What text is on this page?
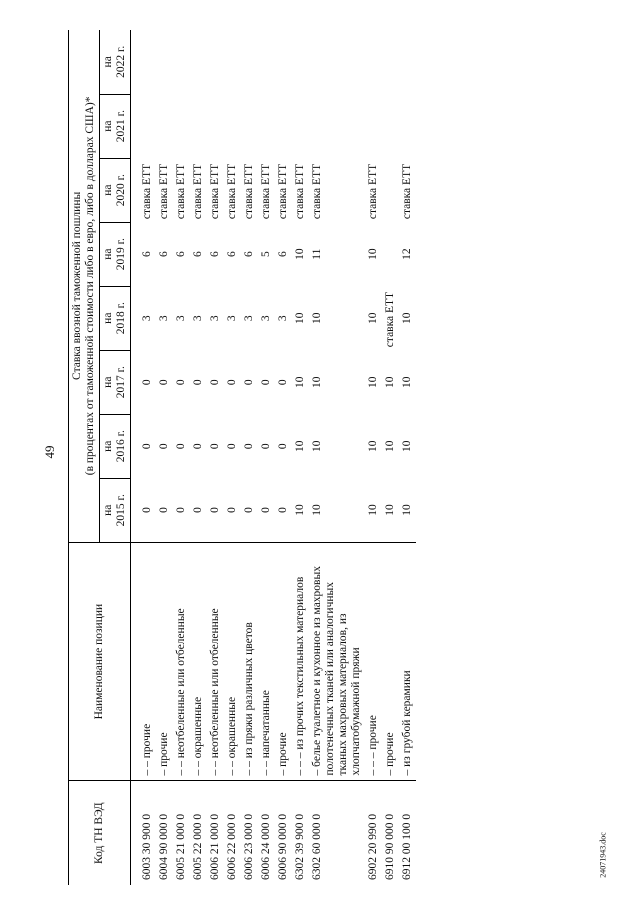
49
24071943.doc
Код ТН ВЭД	Наименование позиции	Ставка ввозной таможенной пошлины							
		(в процентах от таможенной стоимости либо в евро, либо в долларах США)*							

		на 2015 г.	на 2016 г.	на 2017 г.	на 2018 г.	на 2019 г.	на 2020 г.	на 2021 г.	на 2022 г.

6003 30 900 0	– – прочие	0	0	0	3	6	ставка ЕТТ		
6004 90 000 0	– прочие	0	0	0	3	6	ставка ЕТТ		
6005 21 000 0	– – неотбеленные или отбеленные	0	0	0	3	6	ставка ЕТТ		
6005 22 000 0	– – окрашенные	0	0	0	3	6	ставка ЕТТ		
6006 21 000 0	– – неотбеленные или отбеленные	0	0	0	3	6	ставка ЕТТ		
6006 22 000 0	– – окрашенные	0	0	0	3	6	ставка ЕТТ		
6006 23 000 0	– – из пряжи различных цветов	0	0	0	3	6	ставка ЕТТ		
6006 24 000 0	– – напечатанные	0	0	0	3	5	ставка ЕТТ		
6006 90 000 0	– прочие	0	0	0	3	6	ставка ЕТТ		
6302 39 900 0	– – – из прочих текстильных материалов	10	10	10	10	10	ставка ЕТТ		
6302 60 000 0	– белье туалетное и кухонное из махровых полотенечных тканей или аналогичных тканых махровых материалов, из хлопчатобумажной пряжи	10	10	10	10	11	ставка ЕТТ		
6902 20 990 0	– – – прочие	10	10	10	10	10	ставка ЕТТ		
6910 90 000 0	– прочие	10	10	10	ставка ЕТТ				
6912 00 100 0	– из грубой керамики	10	10	10	10	12	ставка ЕТТ		
